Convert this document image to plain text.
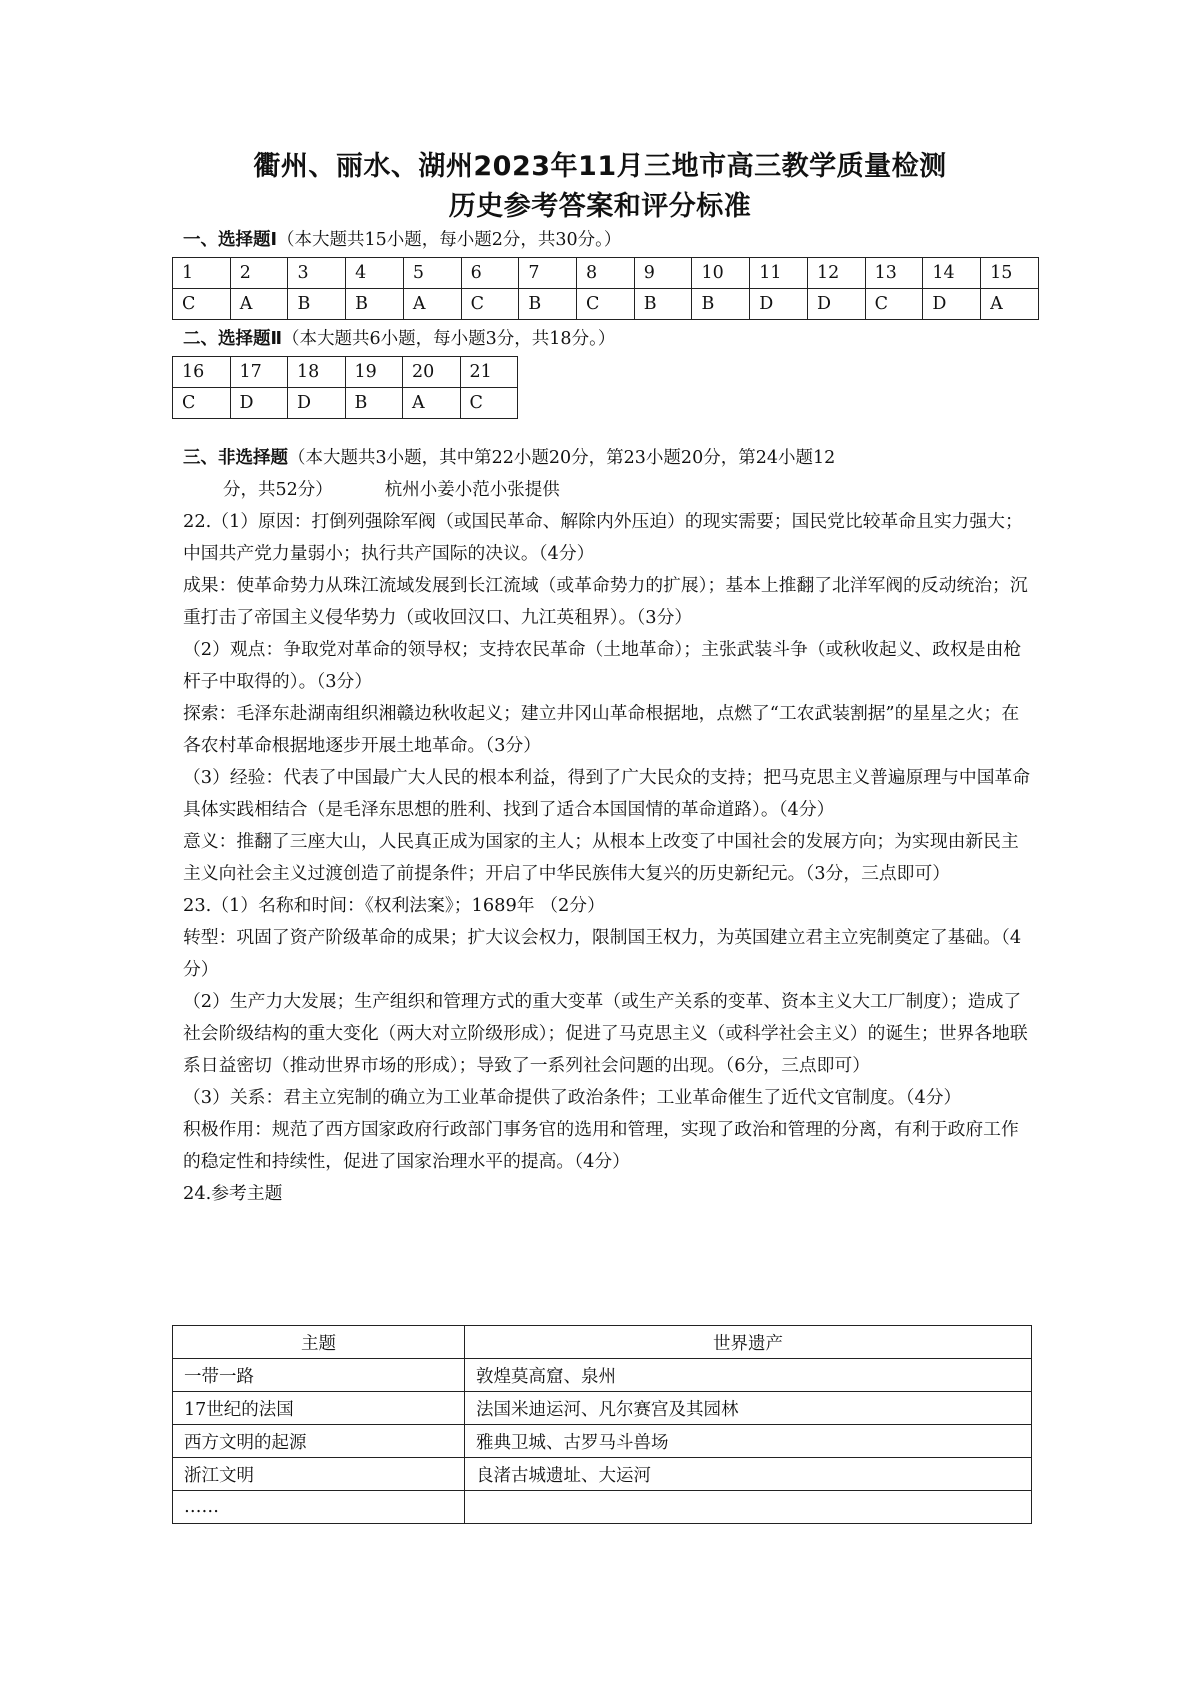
衢州、丽水、湖州2023年11月三地市高三教学质量检测
历史参考答案和评分标准
一、选择题Ⅰ（本大题共15小题，每小题2分，共30分。）
1	2	3	4	5	6	7	8	9	10	11	12	13	14	15
C	A	B	B	A	C	B	C	B	B	D	D	C	D	A
二、选择题Ⅱ（本大题共6小题，每小题3分，共18分。）
16	17	18	19	20	21
C	D	D	B	A	C
三、非选择题（本大题共3小题，其中第22小题20分，第23小题20分，第24小题12
分，共52分）	杭州小姜小范小张提供

22.（1）原因：打倒列强除军阀（或国民革命、解除内外压迫）的现实需要；国民党比较革命且实力强大；中国共产党力量弱小；执行共产国际的决议。（4分）

成果：使革命势力从珠江流域发展到长江流域（或革命势力的扩展）；基本上推翻了北洋军阀的反动统治；沉重打击了帝国主义侵华势力（或收回汉口、九江英租界）。（3分）

（2）观点：争取党对革命的领导权；支持农民革命（土地革命）；主张武装斗争（或秋收起义、政权是由枪杆子中取得的）。（3分）

探索：毛泽东赴湖南组织湘赣边秋收起义；建立井冈山革命根据地，点燃了“工农武装割据”的星星之火；在各农村革命根据地逐步开展土地革命。（3分）

（3）经验：代表了中国最广大人民的根本利益，得到了广大民众的支持；把马克思主义普遍原理与中国革命具体实践相结合（是毛泽东思想的胜利、找到了适合本国国情的革命道路）。（4分）

意义：推翻了三座大山，人民真正成为国家的主人；从根本上改变了中国社会的发展方向；为实现由新民主主义向社会主义过渡创造了前提条件；开启了中华民族伟大复兴的历史新纪元。（3分，三点即可）

23.（1）名称和时间：《权利法案》；1689年 （2分）

转型：巩固了资产阶级革命的成果；扩大议会权力，限制国王权力，为英国建立君主立宪制奠定了基础。（4分）

（2）生产力大发展；生产组织和管理方式的重大变革（或生产关系的变革、资本主义大工厂制度）；造成了社会阶级结构的重大变化（两大对立阶级形成）；促进了马克思主义（或科学社会主义）的诞生；世界各地联系日益密切（推动世界市场的形成）；导致了一系列社会问题的出现。（6分，三点即可）

（3）关系：君主立宪制的确立为工业革命提供了政治条件；工业革命催生了近代文官制度。（4分）

积极作用：规范了西方国家政府行政部门事务官的选用和管理，实现了政治和管理的分离，有利于政府工作的稳定性和持续性，促进了国家治理水平的提高。（4分）

24.参考主题

主题	世界遗产
一带一路	敦煌莫高窟、泉州
17世纪的法国	法国米迪运河、凡尔赛宫及其园林
西方文明的起源	雅典卫城、古罗马斗兽场
浙江文明	良渚古城遗址、大运河
……	
